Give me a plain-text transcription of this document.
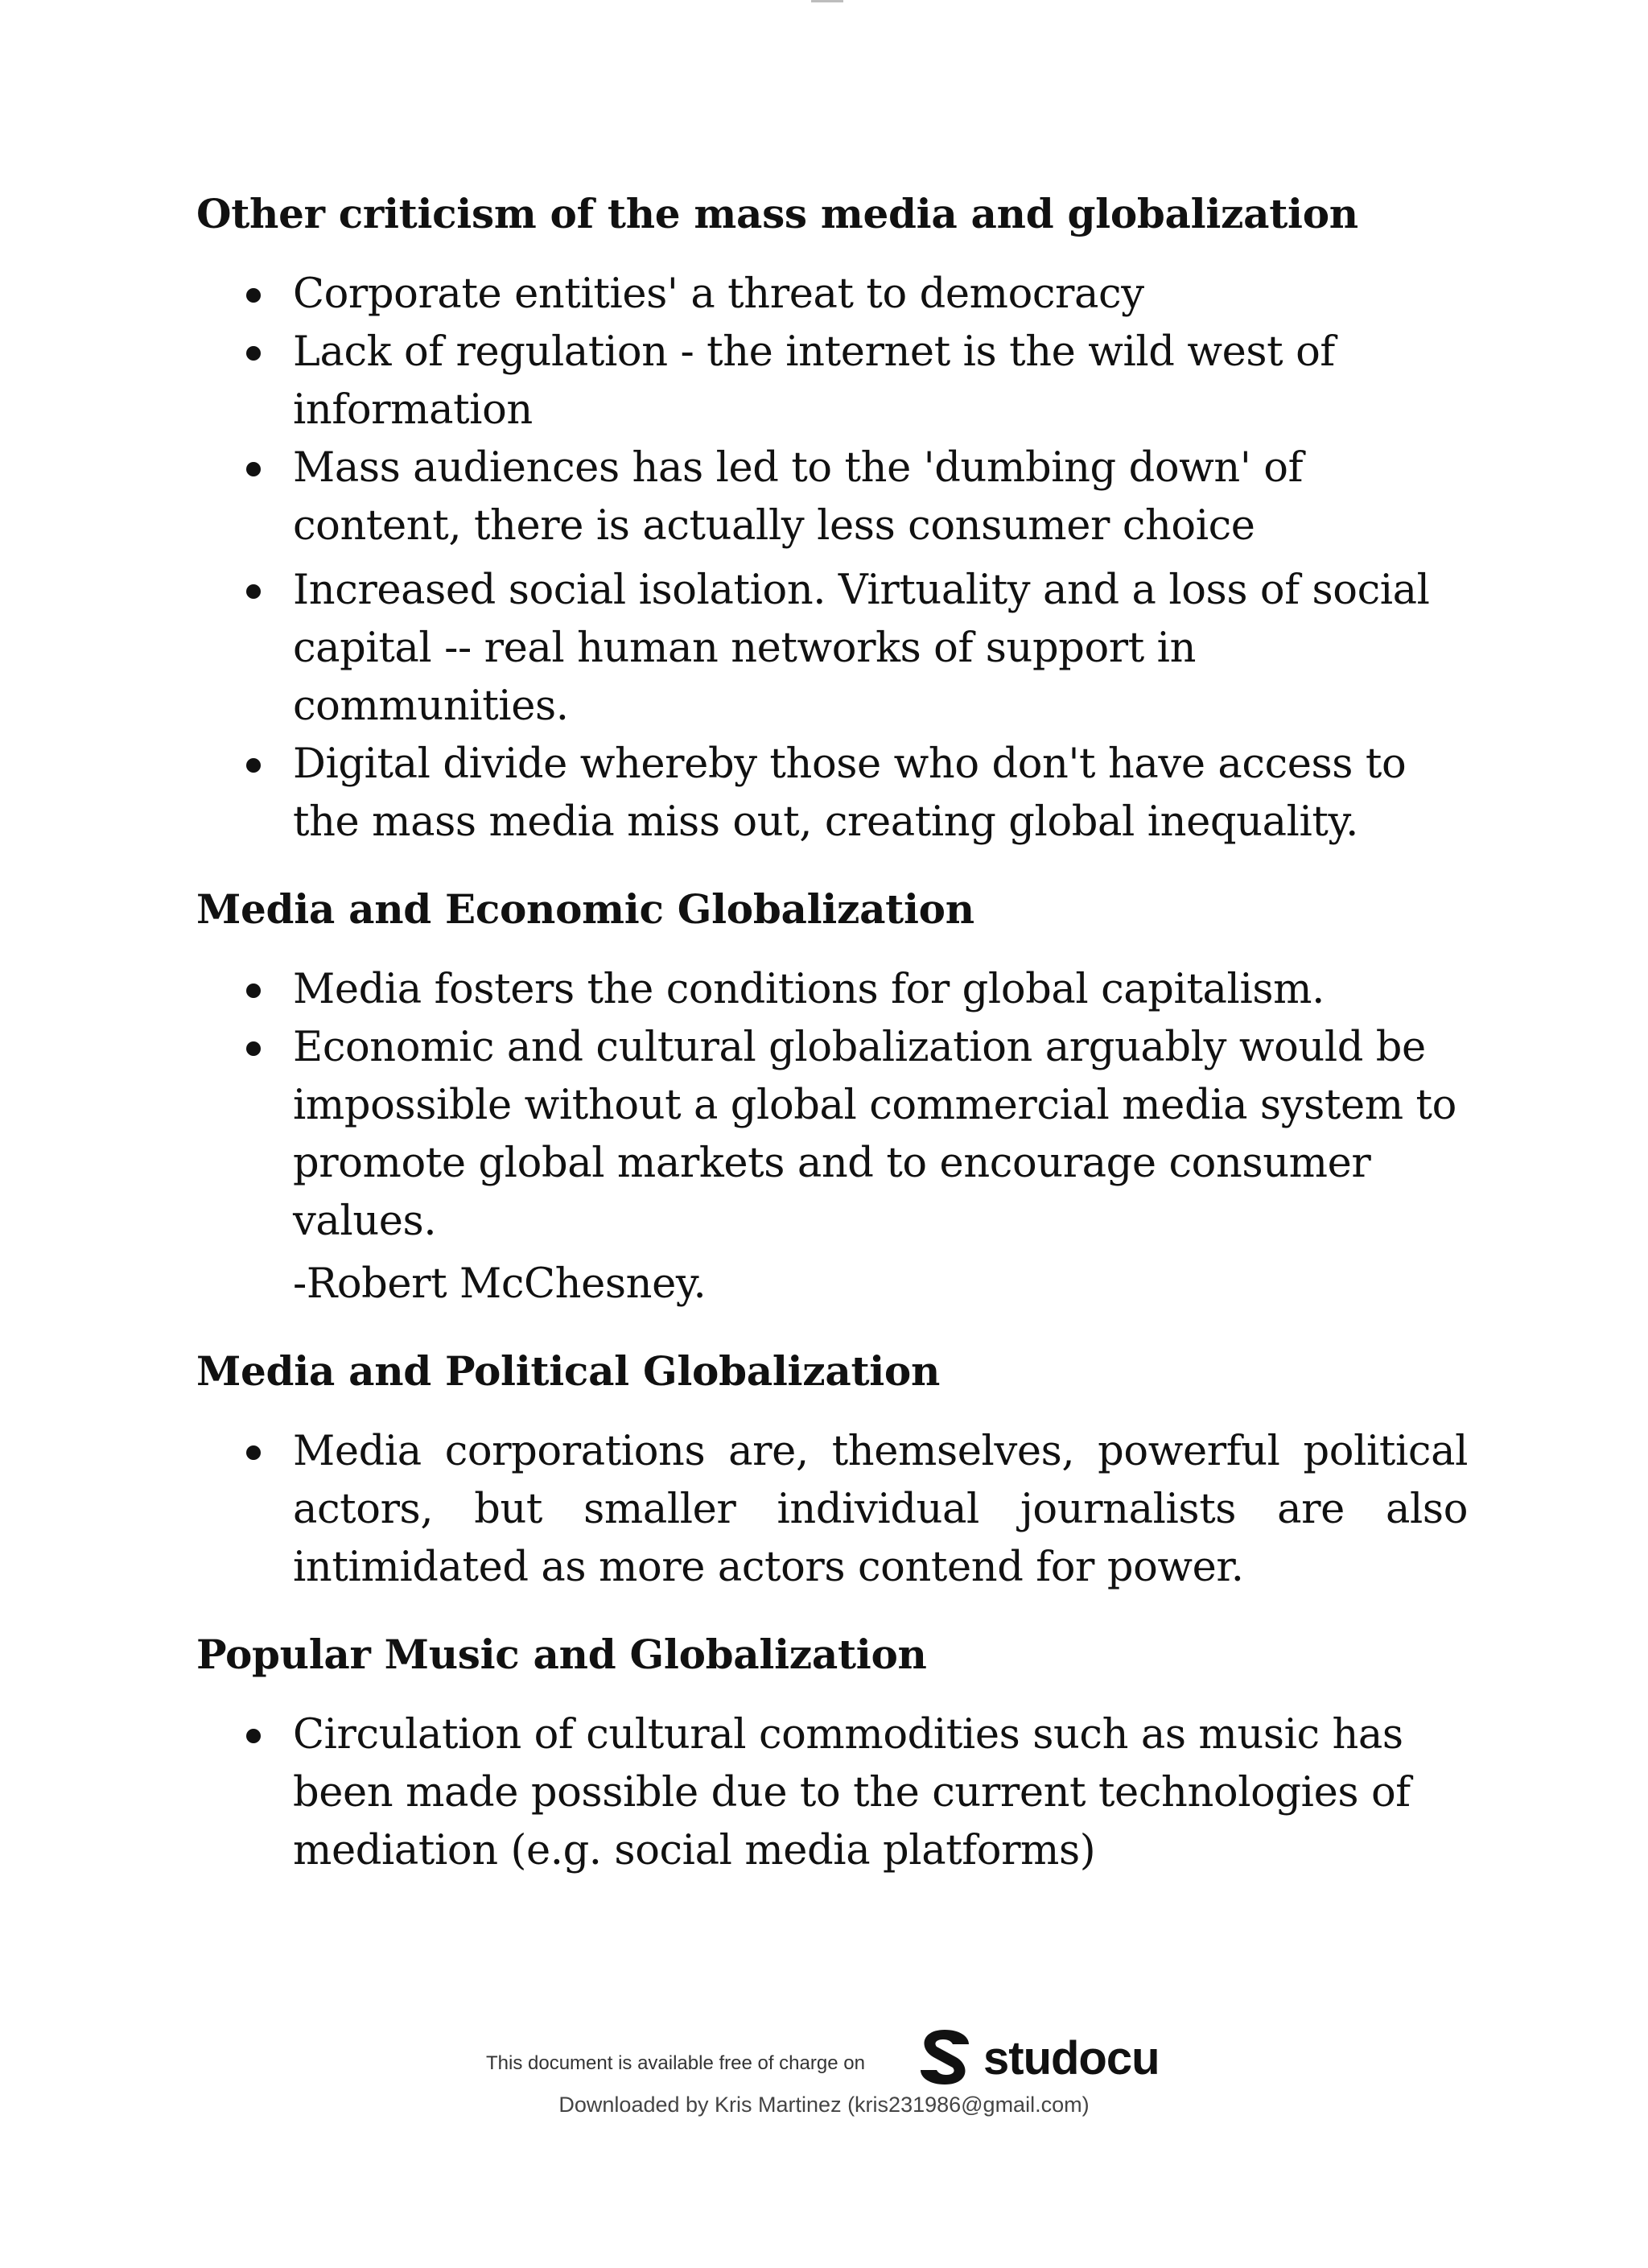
Other criticism of the mass media and globalization
Corporate entities' a threat to democracy
Lack of regulation - the internet is the wild west of information
Mass audiences has led to the 'dumbing down' of content, there is actually less consumer choice
Increased social isolation. Virtuality and a loss of social capital -- real human networks of support in communities.
Digital divide whereby those who don't have access to the mass media miss out, creating global inequality.
Media and Economic Globalization
Media fosters the conditions for global capitalism.
Economic and cultural globalization arguably would be impossible without a global commercial media system to promote global markets and to encourage consumer values.
-Robert McChesney.
Media and Political Globalization
Media corporations are, themselves, powerful political actors, but smaller individual journalists are also intimidated as more actors contend for power.
Popular Music and Globalization
Circulation of cultural commodities such as music has been made possible due to the current technologies of mediation (e.g. social media platforms)
This document is available free of charge on	studocu
Downloaded by Kris Martinez (kris231986@gmail.com)
